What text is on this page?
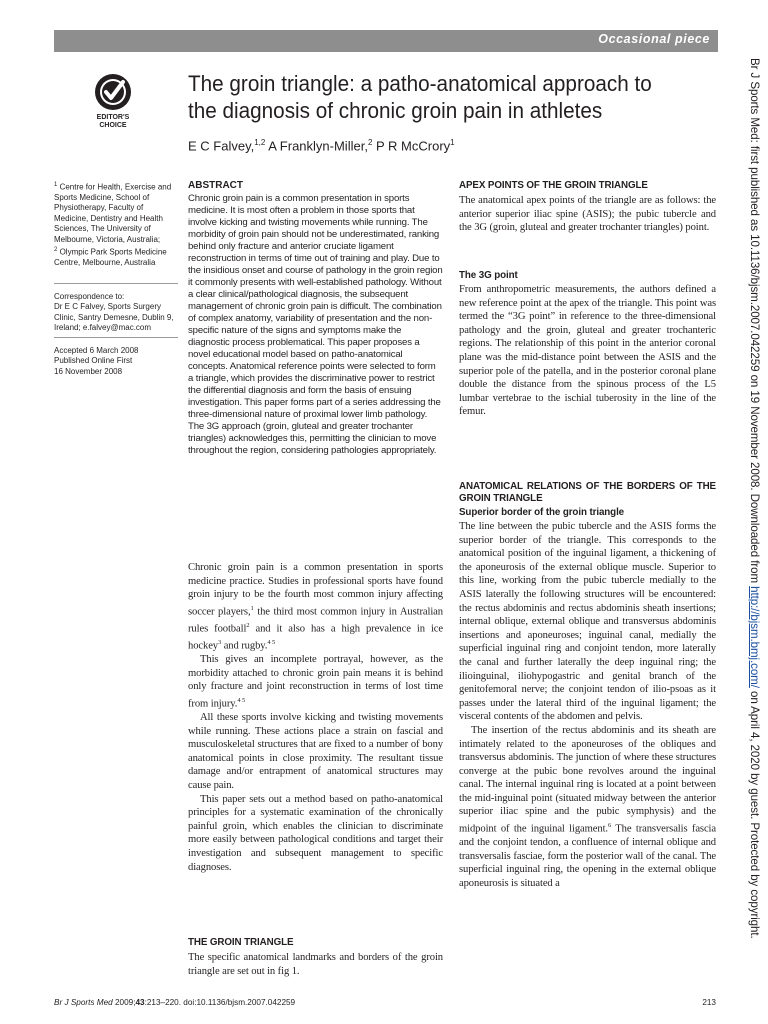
Occasional piece
EDITOR'S
CHOICE
The groin triangle: a patho-anatomical approach to
the diagnosis of chronic groin pain in athletes
E C Falvey,$^{1,2}$ A Franklyn-Miller,$^2$ P R McCrory$^1$

$^1$ Centre for Health, Exercise and Sports Medicine, School of Physiotherapy, Faculty of Medicine, Dentistry and Health Sciences, The University of Melbourne, Victoria, Australia;

$^2$ Olympic Park Sports Medicine Centre, Melbourne, Australia

Correspondence to:

Dr E C Falvey, Sports Surgery Clinic, Santry Demesne, Dublin 9, Ireland; e.falvey@mac.com

Accepted 6 March 2008

Published Online First

16 November 2008

ABSTRACT

Chronic groin pain is a common presentation in sports medicine. It is most often a problem in those sports that involve kicking and twisting movements while running. The morbidity of groin pain should not be underestimated, ranking behind only fracture and anterior cruciate ligament reconstruction in terms of time out of training and play. Due to the insidious onset and course of pathology in the groin region it commonly presents with well-established pathology. Without a clear clinical/pathological diagnosis, the subsequent management of chronic groin pain is difficult. The combination of complex anatomy, variability of presentation and the non-specific nature of the signs and symptoms make the diagnostic process problematical. This paper proposes a novel educational model based on patho-anatomical concepts. Anatomical reference points were selected to form a triangle, which provides the discriminative power to restrict the differential diagnosis and form the basis of ensuing investigation. This paper forms part of a series addressing the three-dimensional nature of proximal lower limb pathology. The 3G approach (groin, gluteal and greater trochanter triangles) acknowledges this, permitting the clinician to move throughout the region, considering pathologies appropriately.

Chronic groin pain is a common presentation in sports medicine practice. Studies in professional sports have found groin injury to be the fourth most common injury affecting soccer players,$^1$ the third most common injury in Australian rules football$^2$ and it also has a high prevalence in ice hockey$^3$ and rugby.$^{4 5}$

This gives an incomplete portrayal, however, as the morbidity attached to chronic groin pain means it is behind only fracture and joint reconstruction in terms of lost time from injury.$^{4 5}$

All these sports involve kicking and twisting movements while running. These actions place a strain on fascial and musculoskeletal structures that are fixed to a number of bony anatomical points in close proximity. The resultant tissue damage and/or entrapment of anatomical structures may cause pain.

This paper sets out a method based on patho-anatomical principles for a systematic examination of the chronically painful groin, which enables the clinician to discriminate more easily between pathological conditions and target their investigation and subsequent management to specific diagnoses.

THE GROIN TRIANGLE

The specific anatomical landmarks and borders of the groin triangle are set out in fig 1.

APEX POINTS OF THE GROIN TRIANGLE

The anatomical apex points of the triangle are as follows: the anterior superior iliac spine (ASIS); the pubic tubercle and the 3G (groin, gluteal and greater trochanter triangles) point.

The 3G point

From anthropometric measurements, the authors defined a new reference point at the apex of the triangle. This point was termed the “3G point” in reference to the three-dimensional pathology and the groin, gluteal and greater trochanteric regions. The relationship of this point in the anterior coronal plane was the mid-distance point between the ASIS and the superior pole of the patella, and in the posterior coronal plane double the distance from the spinous process of the L5 lumbar vertebrae to the ischial tuberosity in the line of the femur.

ANATOMICAL RELATIONS OF THE BORDERS OF THE GROIN TRIANGLE
Superior border of the groin triangle

The line between the pubic tubercle and the ASIS forms the superior border of the triangle. This corresponds to the anatomical position of the inguinal ligament, a thickening of the aponeurosis of the external oblique muscle. Superior to this line, working from the pubic tubercle medially to the ASIS laterally the following structures will be encountered: the rectus abdominis and rectus abdominis sheath insertions; internal oblique, external oblique and transversus abdominis insertions and aponeuroses; inguinal canal, medially the superficial inguinal ring and conjoint tendon, more laterally the canal and further laterally the deep inguinal ring; the ilioinguinal, iliohypogastric and genital branch of the genitofemoral nerve; the conjoint tendon of ilio-psoas as it passes under the lateral third of the inguinal ligament; the visceral contents of the abdomen and pelvis.

The insertion of the rectus abdominis and its sheath are intimately related to the aponeuroses of the obliques and transversus abdominis. The junction of where these structures converge at the pubic bone revolves around the inguinal canal. The internal inguinal ring is located at a point between the mid-inguinal point (situated midway between the anterior superior iliac spine and the pubic symphysis) and the midpoint of the inguinal ligament.$^6$ The transversalis fascia and the conjoint tendon, a confluence of internal oblique and transversalis fasciae, form the posterior wall of the canal. The superficial inguinal ring, the opening in the external oblique aponeurosis is situated a

Br J Sports Med 2009;43:213–220. doi:10.1136/bjsm.2007.042259	213
Br J Sports Med: first published as 10.1136/bjsm.2007.042259 on 19 November 2008. Downloaded from http://bjsm.bmj.com/ on April 4, 2020 by guest. Protected by copyright.
